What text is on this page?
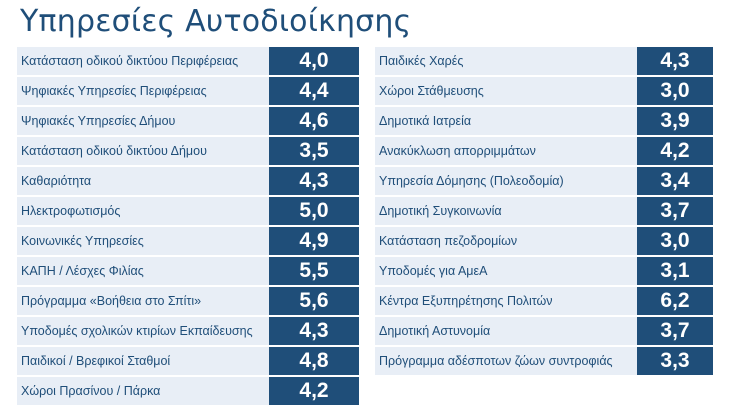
Υπηρεσίες Αυτοδιοίκησης
Κατάσταση οδικού δικτύου Περιφέρειας	4,0
Ψηφιακές Υπηρεσίες Περιφέρειας	4,4
Ψηφιακές Υπηρεσίες Δήμου	4,6
Κατάσταση οδικού δικτύου Δήμου	3,5
Καθαριότητα	4,3
Ηλεκτροφωτισμός	5,0
Κοινωνικές Υπηρεσίες	4,9
ΚΑΠΗ / Λέσχες Φιλίας	5,5
Πρόγραμμα «Βοήθεια στο Σπίτι»	5,6
Υποδομές σχολικών κτιρίων Εκπαίδευσης	4,3
Παιδικοί / Βρεφικοί Σταθμοί	4,8
Χώροι Πρασίνου / Πάρκα	4,2
Παιδικές Χαρές	4,3
Χώροι Στάθμευσης	3,0
Δημοτικά Ιατρεία	3,9
Ανακύκλωση απορριμμάτων	4,2
Υπηρεσία Δόμησης (Πολεοδομία)	3,4
Δημοτική Συγκοινωνία	3,7
Κατάσταση πεζοδρομίων	3,0
Υποδομές για ΑμεΑ	3,1
Κέντρα Εξυπηρέτησης Πολιτών	6,2
Δημοτική Αστυνομία	3,7
Πρόγραμμα αδέσποτων ζώων συντροφιάς	3,3
